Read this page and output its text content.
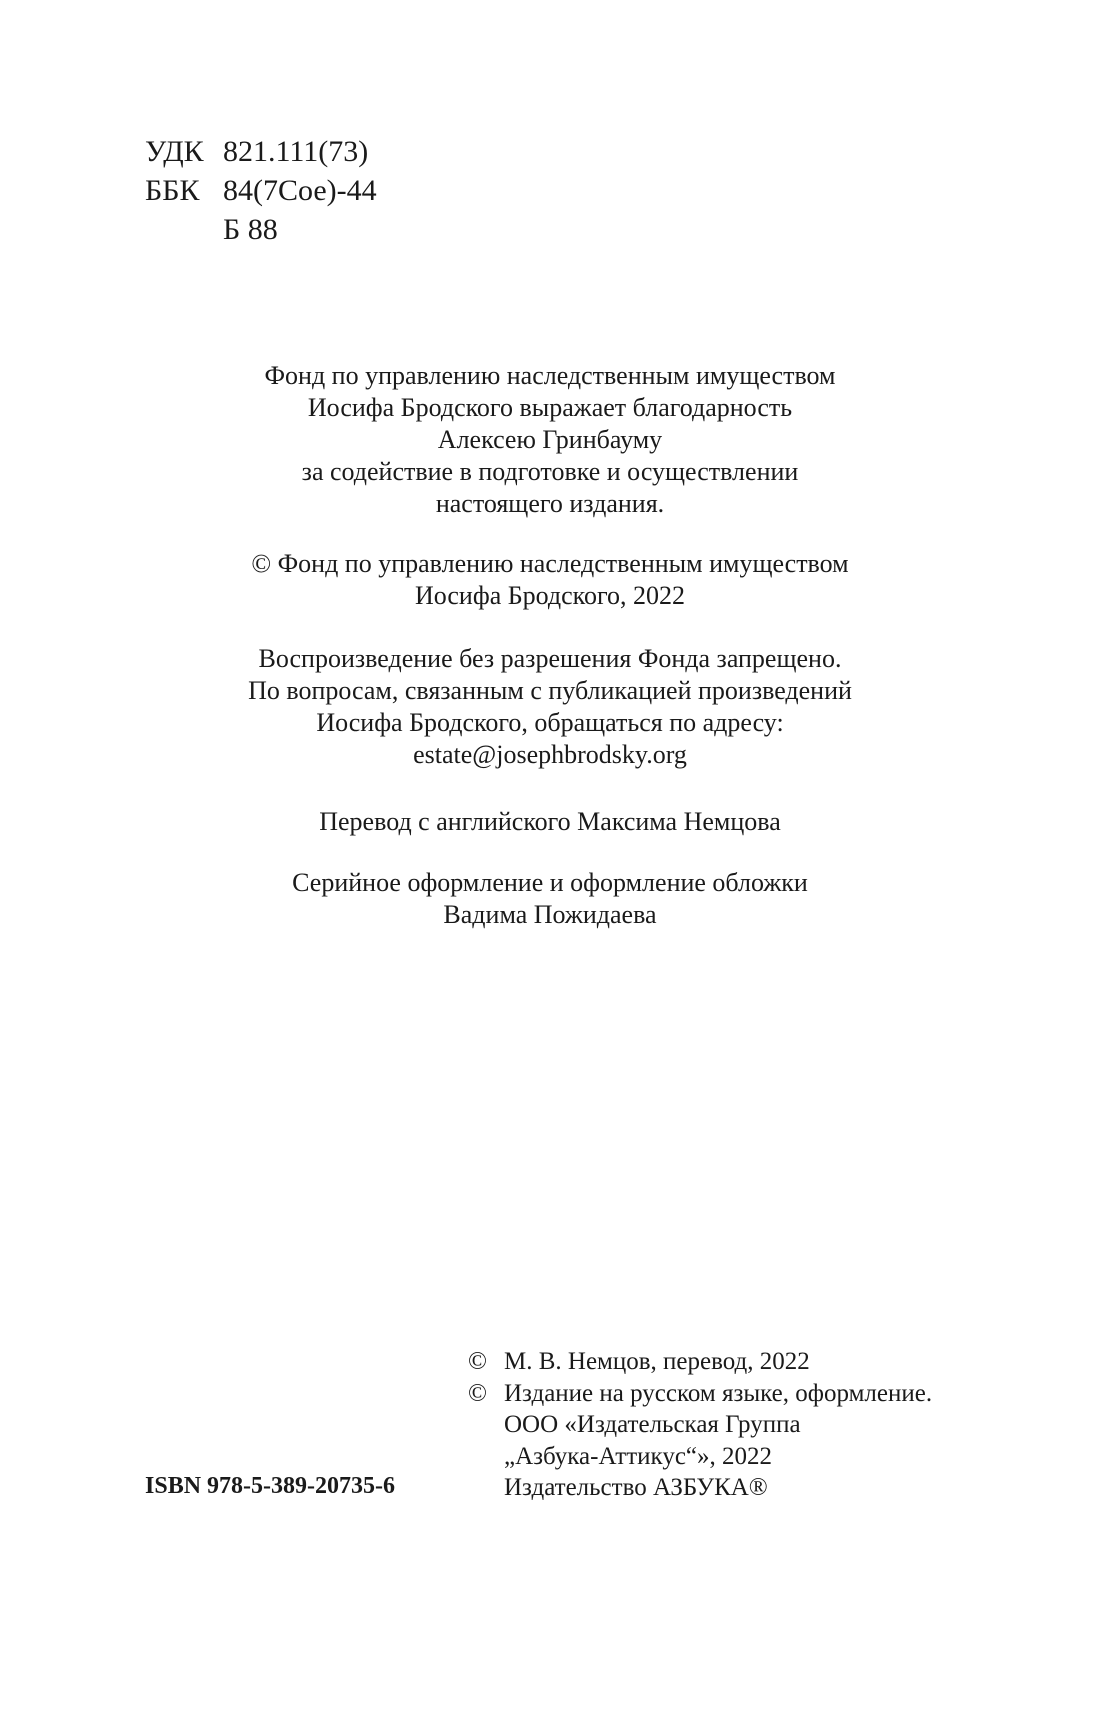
УДК 821.111(73)
ББК 84(7Сое)-44
Б 88

Фонд по управлению наследственным имуществом

Иосифа Бродского выражает благодарность

Алексею Гринбауму

за содействие в подготовке и осуществлении

настоящего издания.

© Фонд по управлению наследственным имуществом

Иосифа Бродского, 2022

Воспроизведение без разрешения Фонда запрещено.

По вопросам, связанным с публикацией произведений

Иосифа Бродского, обращаться по адресу:

estate@josephbrodsky.org

Перевод с английского Максима Немцова

Серийное оформление и оформление обложки

Вадима Пожидаева

© М. В. Немцов, перевод, 2022
© Издание на русском языке, оформление.
ООО «Издательская Группа
„Азбука-Аттикус“», 2022
Издательство АЗБУКА®
ISBN 978-5-389-20735-6
